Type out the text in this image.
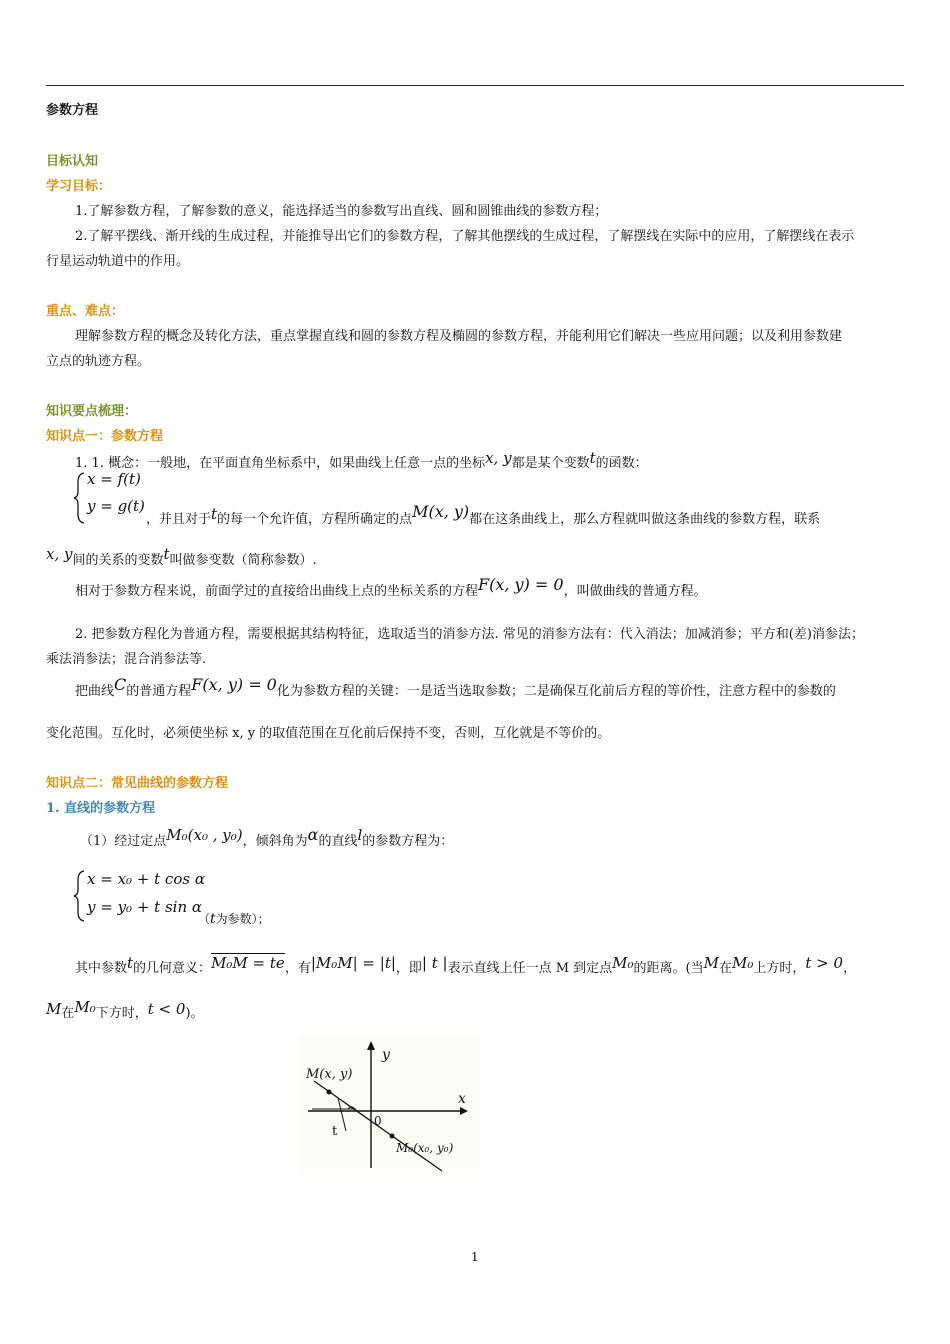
参数方程
目标认知
学习目标：
1.了解参数方程，了解参数的意义，能选择适当的参数写出直线、圆和圆锥曲线的参数方程；
2.了解平摆线、渐开线的生成过程，并能推导出它们的参数方程，了解其他摆线的生成过程，了解摆线在实际中的应用，了解摆线在表示
行星运动轨道中的作用。
重点、难点：
理解参数方程的概念及转化方法，重点掌握直线和圆的参数方程及椭圆的参数方程，并能利用它们解决一些应用问题；以及利用参数建
立点的轨迹方程。
知识要点梳理：
知识点一：参数方程
1. 1. 概念：一般地，在平面直角坐标系中，如果曲线上任意一点的坐标x, y都是某个变数t的函数：
x = f(t)
y = g(t)
，并且对于t的每一个允许值，方程所确定的点M(x, y)都在这条曲线上，那么方程就叫做这条曲线的参数方程，联系
x, y间的关系的变数t叫做参变数（简称参数）.
相对于参数方程来说，前面学过的直接给出曲线上点的坐标关系的方程F(x, y) = 0，叫做曲线的普通方程。
2. 把参数方程化为普通方程，需要根据其结构特征，选取适当的消参方法. 常见的消参方法有：代入消法；加减消参；平方和(差)消参法；
乘法消参法；混合消参法等.
把曲线C的普通方程F(x, y) = 0化为参数方程的关键：一是适当选取参数；二是确保互化前后方程的等价性，注意方程中的参数的
变化范围。互化时，必须使坐标 x, y 的取值范围在互化前后保持不变，否则，互化就是不等价的。
知识点二：常见曲线的参数方程
1. 直线的参数方程
（1）经过定点M₀(x₀ , y₀)，倾斜角为α的直线l的参数方程为：
x = x₀ + t cos α
y = y₀ + t sin α
（t为参数）；
其中参数t的几何意义：M₀M = te，有|M₀M| = |t|，即| t |表示直线上任一点 M 到定点M₀的距离。(当M在M₀上方时，t > 0，
M在M₀下方时，t < 0)。
y
x
M(x, y)
0
t
M₀(x₀, y₀)
1
